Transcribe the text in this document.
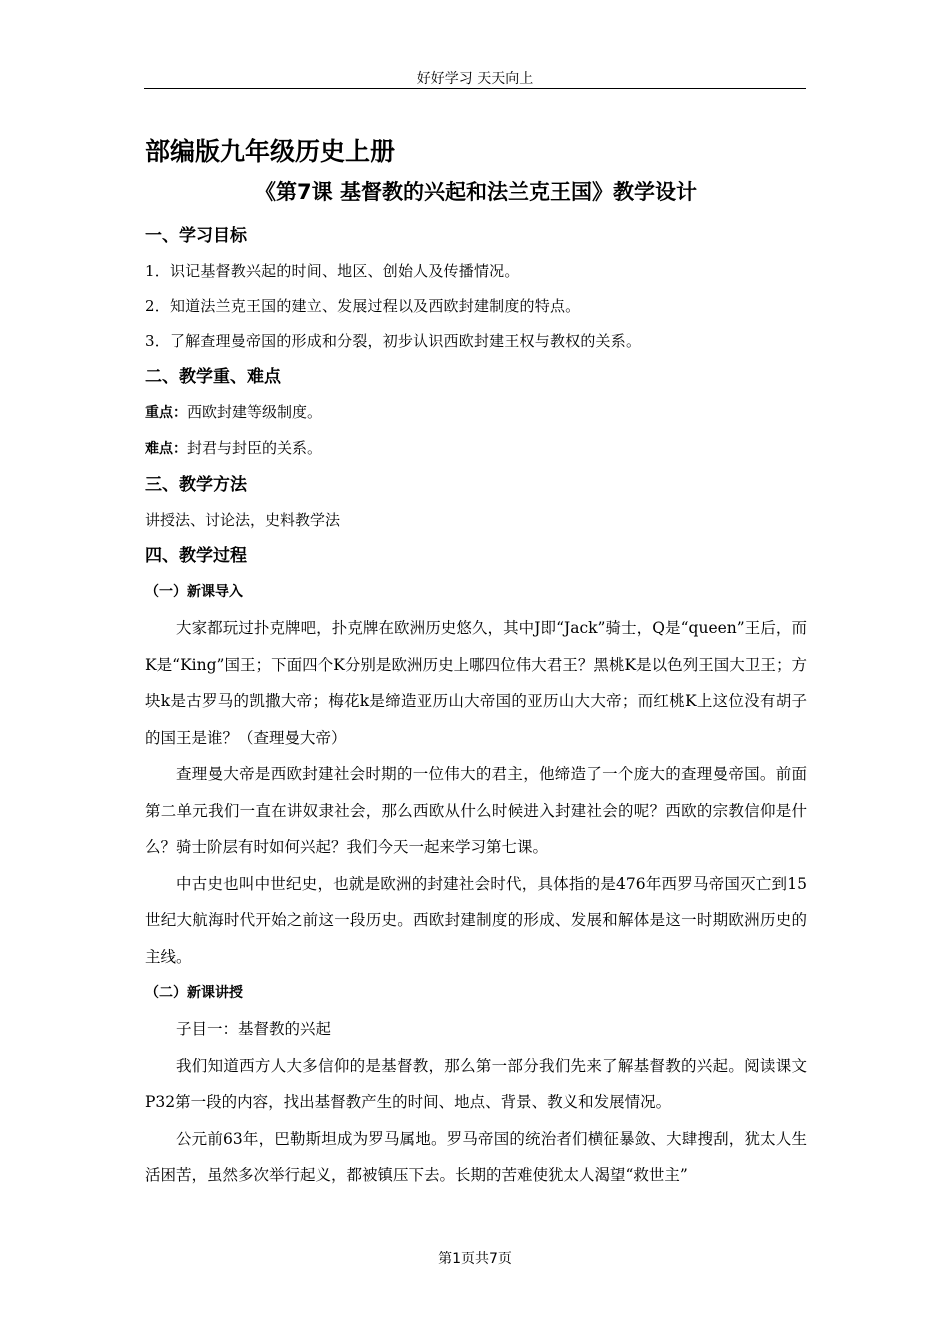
好好学习 天天向上
部编版九年级历史上册
《第7课 基督教的兴起和法兰克王国》教学设计
一、学习目标

1．识记基督教兴起的时间、地区、创始人及传播情况。

2．知道法兰克王国的建立、发展过程以及西欧封建制度的特点。

3．了解查理曼帝国的形成和分裂，初步认识西欧封建王权与教权的关系。

二、教学重、难点

重点：西欧封建等级制度。

难点：封君与封臣的关系。

三、教学方法

讲授法、讨论法，史料教学法

四、教学过程
（一）新课导入

大家都玩过扑克牌吧，扑克牌在欧洲历史悠久，其中J即“Jack”骑士，Q是“queen”王后，而K是“King”国王；下面四个K分别是欧洲历史上哪四位伟大君王？黑桃K是以色列王国大卫王；方块k是古罗马的凯撒大帝；梅花k是缔造亚历山大帝国的亚历山大大帝；而红桃K上这位没有胡子的国王是谁？（查理曼大帝）

查理曼大帝是西欧封建社会时期的一位伟大的君主，他缔造了一个庞大的查理曼帝国。前面第二单元我们一直在讲奴隶社会，那么西欧从什么时候进入封建社会的呢？西欧的宗教信仰是什么？骑士阶层有时如何兴起？我们今天一起来学习第七课。

中古史也叫中世纪史，也就是欧洲的封建社会时代，具体指的是476年西罗马帝国灭亡到15世纪大航海时代开始之前这一段历史。西欧封建制度的形成、发展和解体是这一时期欧洲历史的主线。

（二）新课讲授

子目一：基督教的兴起

我们知道西方人大多信仰的是基督教，那么第一部分我们先来了解基督教的兴起。阅读课文P32第一段的内容，找出基督教产生的时间、地点、背景、教义和发展情况。

公元前63年，巴勒斯坦成为罗马属地。罗马帝国的统治者们横征暴敛、大肆搜刮，犹太人生活困苦，虽然多次举行起义，都被镇压下去。长期的苦难使犹太人渴望“救世主”

第1页共7页
